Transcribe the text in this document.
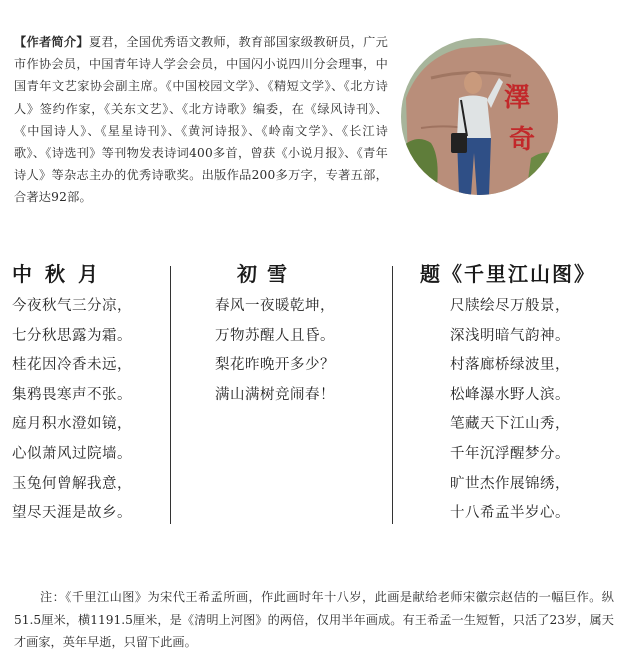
【作者简介】夏君，全国优秀语文教师，教育部国家级教研员，广元市作协会员，中国青年诗人学会会员，中国闪小说四川分会理事，中国青年文艺家协会副主席。《中国校园文学》、《精短文学》、《北方诗人》签约作家，《关东文艺》、《北方诗歌》编委，在《绿风诗刊》、《中国诗人》、《星星诗刊》、《黄河诗报》、《岭南文学》、《长江诗歌》、《诗选刊》等刊物发表诗词400多首，曾获《小说月报》、《青年诗人》等杂志主办的优秀诗歌奖。出版作品200多万字，专著五部，合著达92部。
澤
奇
中秋月
今夜秋气三分凉，
七分秋思露为霜。
桂花因冷香未远，
集鸦畏寒声不张。
庭月积水澄如镜，
心似萧风过院墙。
玉兔何曾解我意，
望尽天涯是故乡。
初雪
春风一夜暖乾坤，
万物苏醒人且昏。
梨花昨晚开多少？
满山满树竞闹春！
题《千里江山图》
尺牍绘尽万般景，
深浅明暗气韵神。
村落廊桥绿波里，
松峰瀑水野人滨。
笔藏天下江山秀，
千年沉浮醒梦分。
旷世杰作展锦绣，
十八希孟半岁心。
注：《千里江山图》为宋代王希孟所画，作此画时年十八岁，此画是献给老师宋徽宗赵佶的一幅巨作。纵51.5厘米，横1191.5厘米，是《清明上河图》的两倍，仅用半年画成。有王希孟一生短暂，只活了23岁，属天才画家，英年早逝，只留下此画。
